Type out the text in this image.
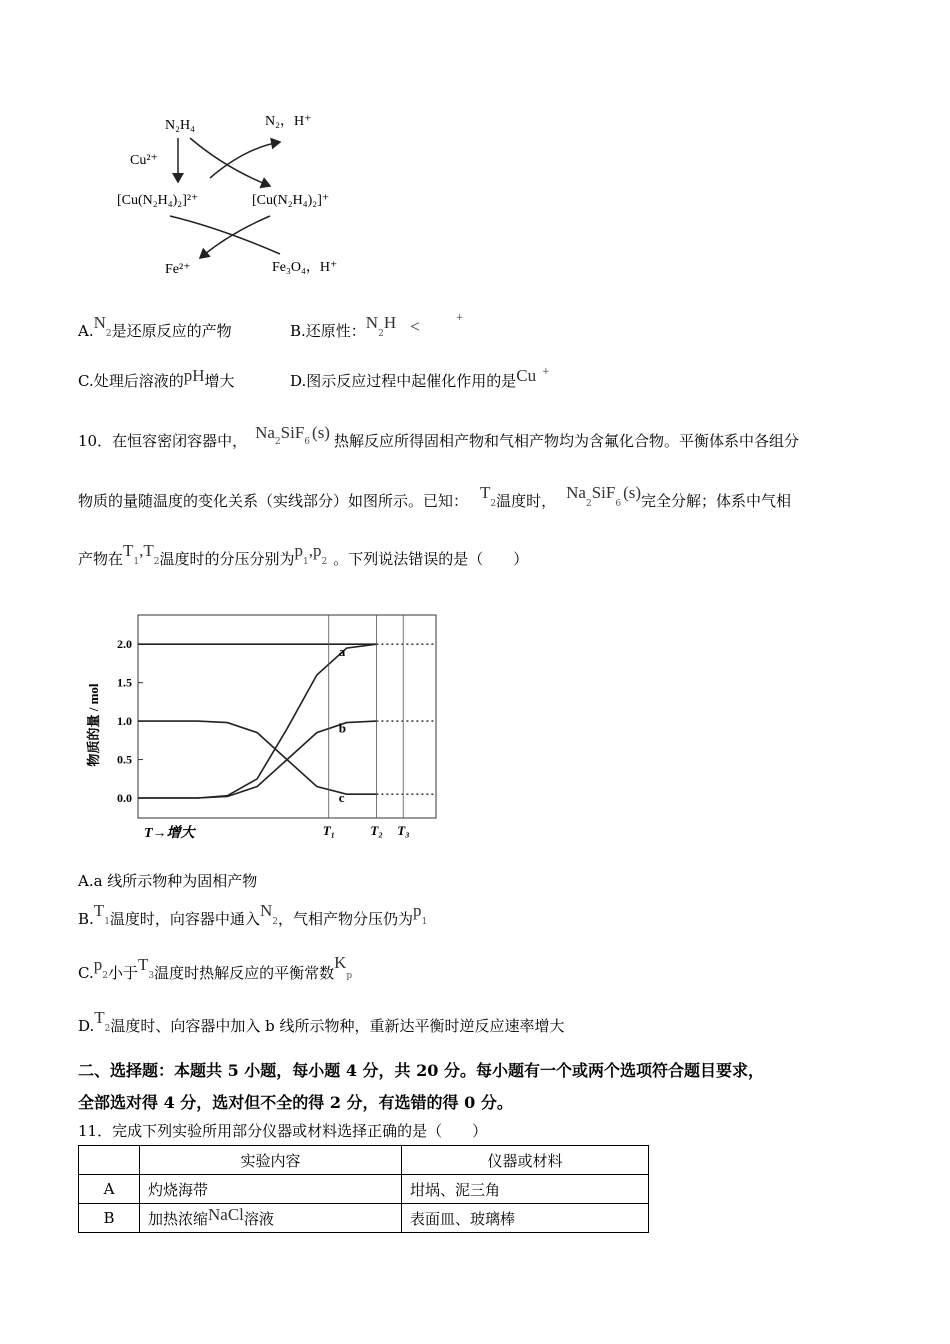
N₂H₄	N₂，H⁺
Cu²⁺
[Cu(N₂H₄)₂]²⁺	[Cu(N₂H₄)₂]⁺
Fe²⁺	Fe₃O₄，H⁺
A.N2是还原反应的产物	B.还原性：N2H <	+
C.处理后溶液的pH增大	D.图示反应过程中起催化作用的是Cu +
10．在恒容密闭容器中， Na2SiF6 (s) 热解反应所得固相产物和气相产物均为含氟化合物。平衡体系中各组分
物质的量随温度的变化关系（实线部分）如图所示。已知： T2温度时， Na2SiF6(s)完全分解；体系中气相
产物在T1,T2温度时的分压分别为p1,p2 。下列说法错误的是（　　）
0.0
0.5
1.0
1.5
2.0	a
b
c
T₁	T₂ T₃
物质的量 / mol
T→增大
A.a 线所示物种为固相产物
B.T1温度时，向容器中通入N2，气相产物分压仍为p1
C.p2小于T3温度时热解反应的平衡常数Kp
D.T2温度时、向容器中加入 b 线所示物种，重新达平衡时逆反应速率增大
二、选择题：本题共 5 小题，每小题 4 分，共 20 分。每小题有一个或两个选项符合题目要求，
全部选对得 4 分，选对但不全的得 2 分，有选错的得 0 分。
11．完成下列实验所用部分仪器或材料选择正确的是（　　）
	实验内容	仪器或材料
A	灼烧海带	坩埚、泥三角
B	加热浓缩NaCl溶液	表面皿、玻璃棒
